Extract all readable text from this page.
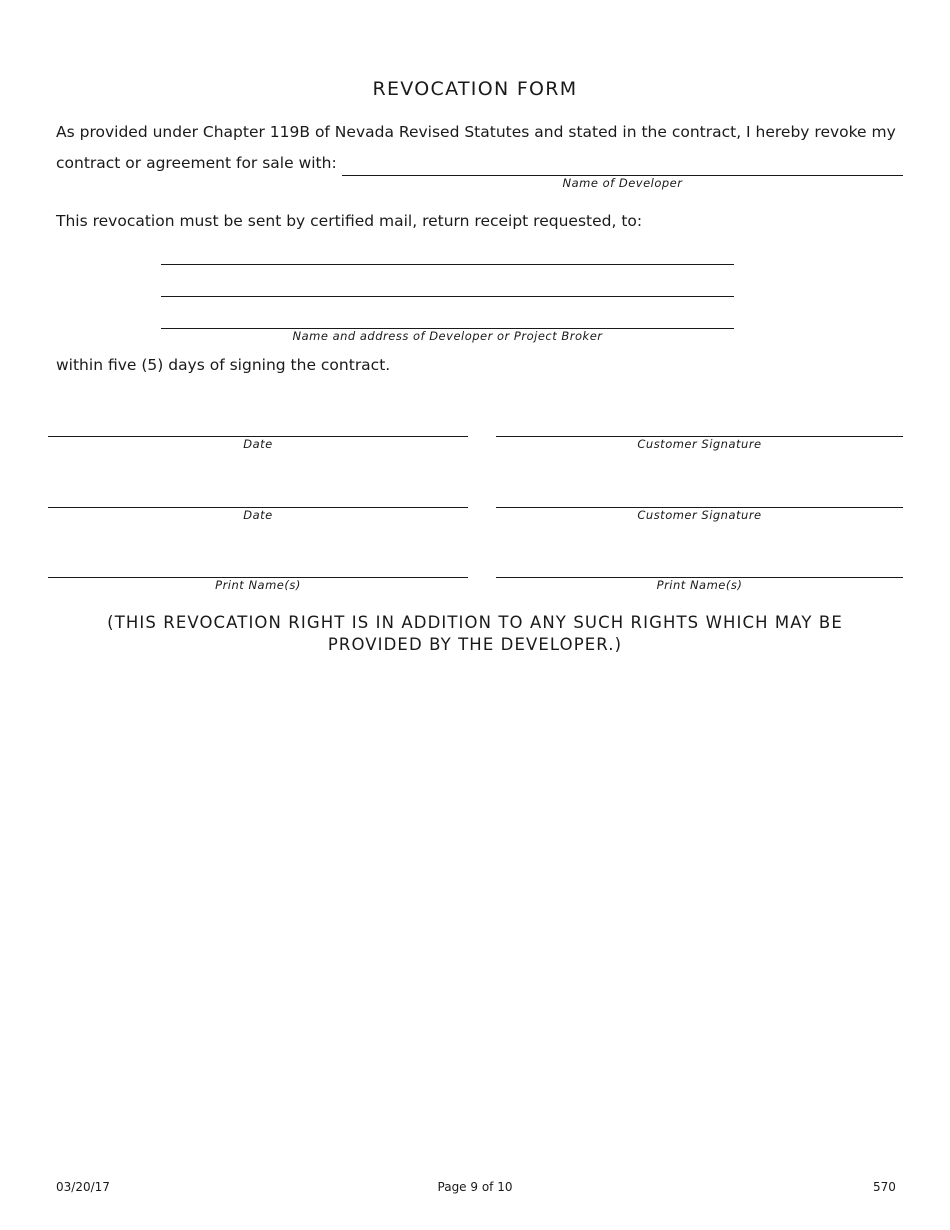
REVOCATION FORM
As provided under Chapter 119B of Nevada Revised Statutes and stated in the contract, I hereby revoke my
contract or agreement for sale with:
Name of Developer
This revocation must be sent by certified mail, return receipt requested, to:
Name and address of Developer or Project Broker
within five (5) days of signing the contract.
Date	Customer Signature
Date	Customer Signature
Print Name(s)	Print Name(s)
(THIS REVOCATION RIGHT IS IN ADDITION TO ANY SUCH RIGHTS WHICH MAY BE
PROVIDED BY THE DEVELOPER.)
03/20/17	Page 9 of 10	570
